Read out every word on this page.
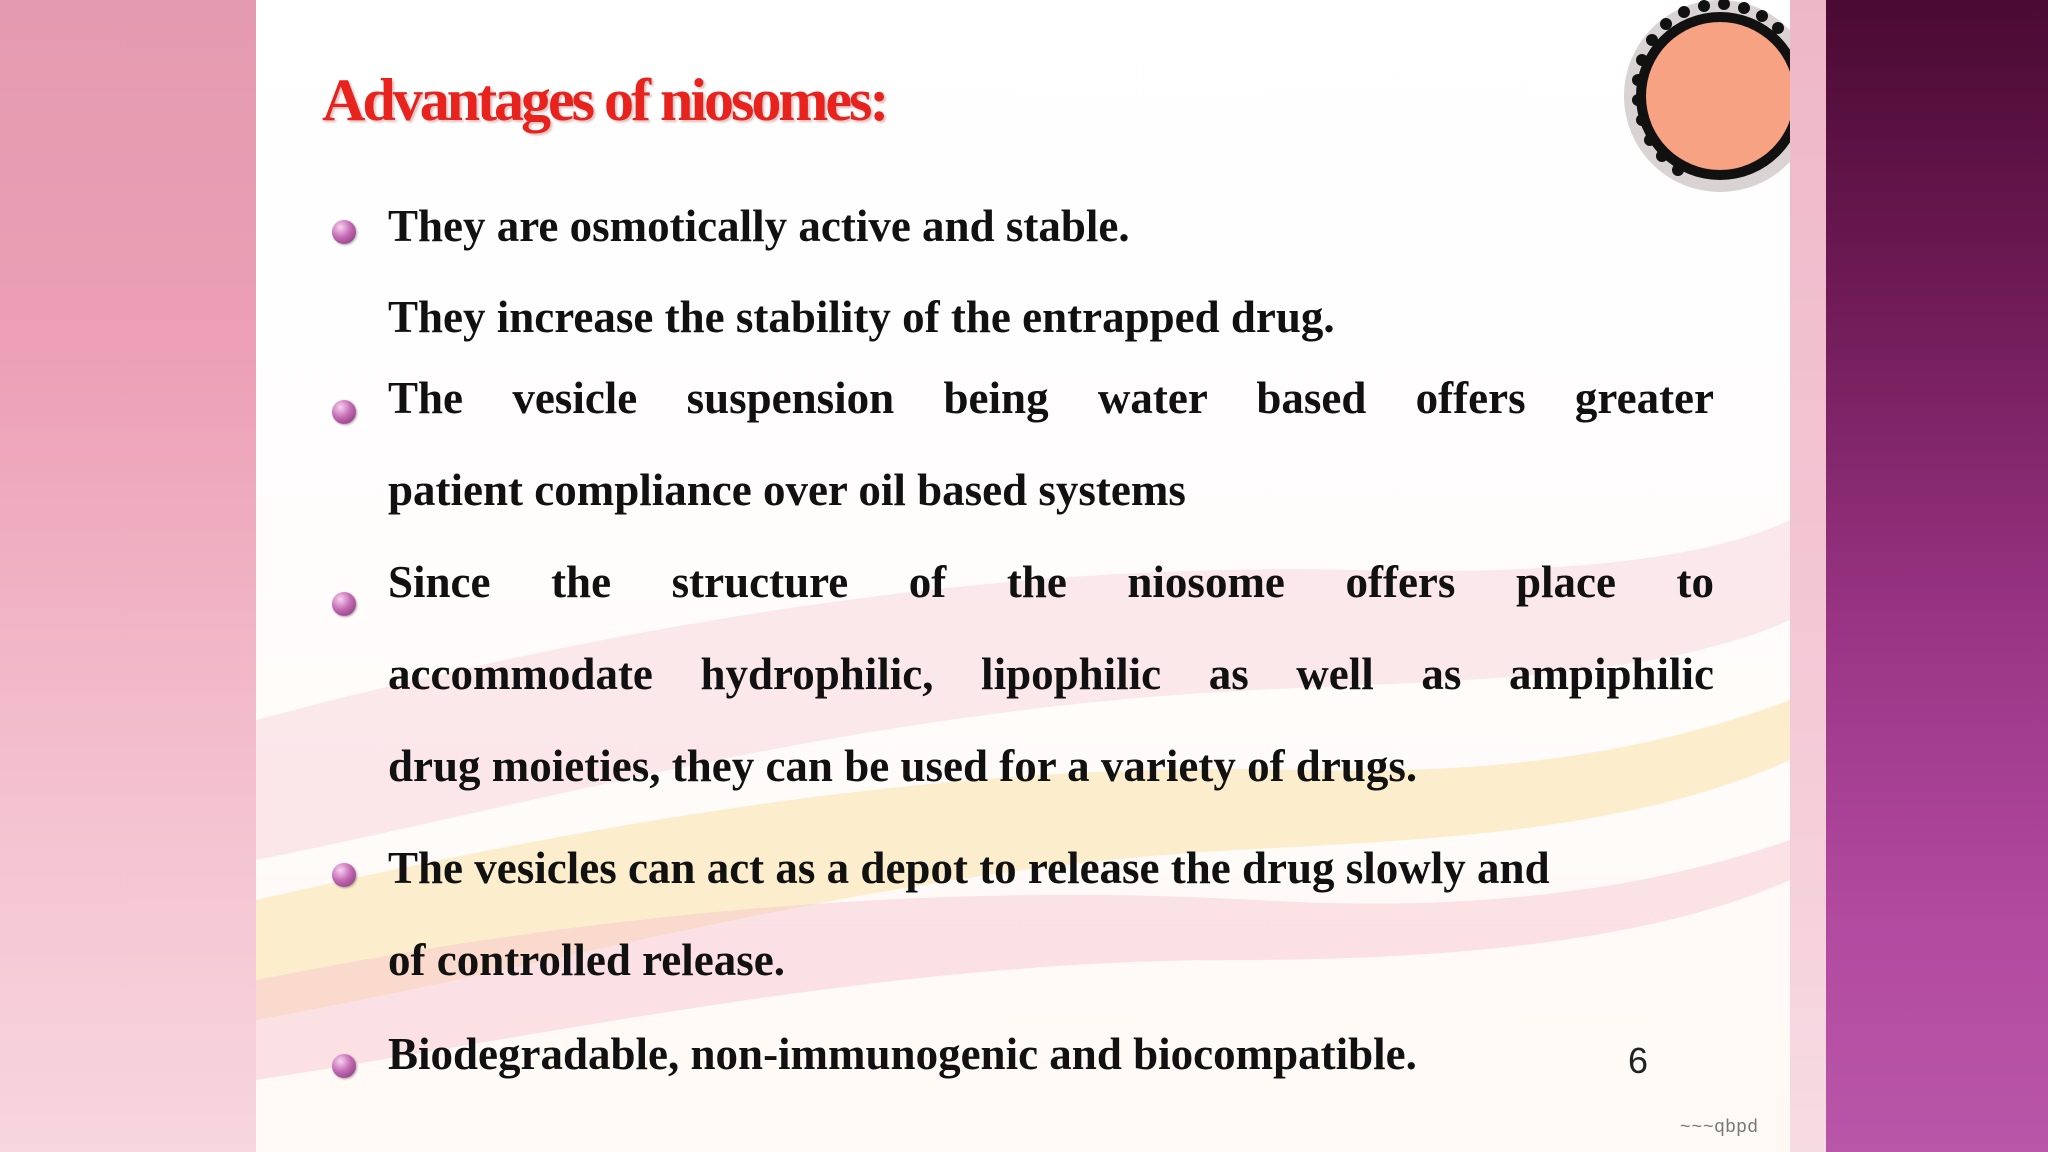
Advantages of niosomes:
They are osmotically active and stable.
They increase the stability of the entrapped drug.
The vesicle suspension being water based offers greater
patient compliance over oil based systems
Since the structure of the niosome offers place to
accommodate hydrophilic, lipophilic as well as ampiphilic
drug moieties, they can be used for a variety of drugs.
The vesicles can act as a depot to release the drug slowly and
of controlled release.
Biodegradable, non-immunogenic and biocompatible.	6
~~~qbpd
